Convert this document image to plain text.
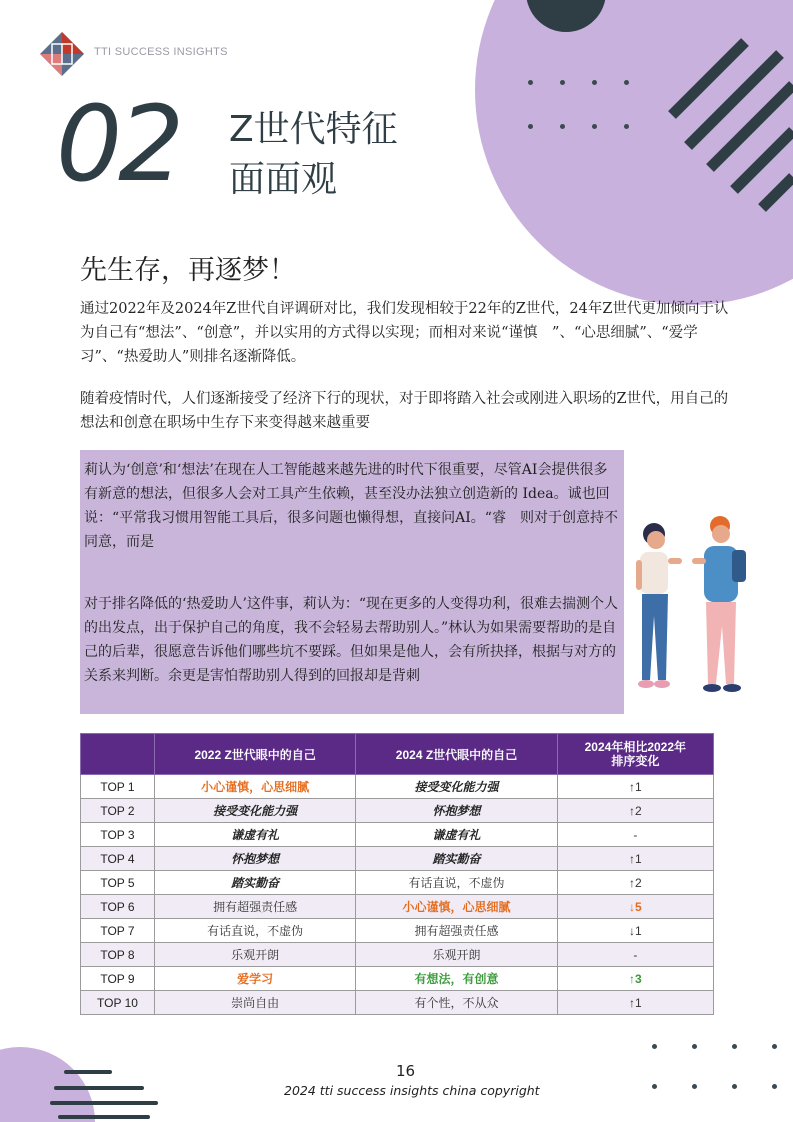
TTI SUCCESS INSIGHTS
02 Z世代特征
面面观
先生存，再逐梦！
通过2022年及2024年Z世代自评调研对比，我们发现相较于22年的Z世代，24年Z世代更加倾向于认为自己有“想法”、“创意”，并以实用的方式得以实现；而相对来说“谨慎　”、“心思细腻”、“爱学习”、“热爱助人”则排名逐渐降低。
随着疫情时代，人们逐渐接受了经济下行的现状，对于即将踏入社会或刚进入职场的Z世代，用自己的想法和创意在职场中生存下来变得越来越重要
莉认为‘创意’和‘想法’在现在人工智能越来越先进的时代下很重要，尽管AI会提供很多有新意的想法，但很多人会对工具产生依赖，甚至没办法独立创造新的 Idea。诚也回说：“平常我习惯用智能工具后，很多问题也懒得想，直接问AI。“睿　则对于创意持不同意，而是
对于排名降低的‘热爱助人’这件事，莉认为：“现在更多的人变得功利，很难去揣测个人的出发点，出于保护自己的角度，我不会轻易去帮助别人。”林认为如果需要帮助的是自己的后辈，很愿意告诉他们哪些坑不要踩。但如果是他人，会有所抉择，根据与对方的关系来判断。余更是害怕帮助别人得到的回报却是背刺
	2022 Z世代眼中的自己	2024 Z世代眼中的自己	2024年相比2022年
排序变化
TOP 1	小心谨慎，心思细腻	接受变化能力强	↑1
TOP 2	接受变化能力强	怀抱梦想	↑2
TOP 3	谦虚有礼	谦虚有礼	-
TOP 4	怀抱梦想	踏实勤奋	↑1
TOP 5	踏实勤奋	有话直说，不虚伪	↑2
TOP 6	拥有超强责任感	小心谨慎，心思细腻	↓5
TOP 7	有话直说，不虚伪	拥有超强责任感	↓1
TOP 8	乐观开朗	乐观开朗	-
TOP 9	爱学习	有想法，有创意	↑3
TOP 10	崇尚自由	有个性，不从众	↑1
16
2024 tti success insights china copyright
